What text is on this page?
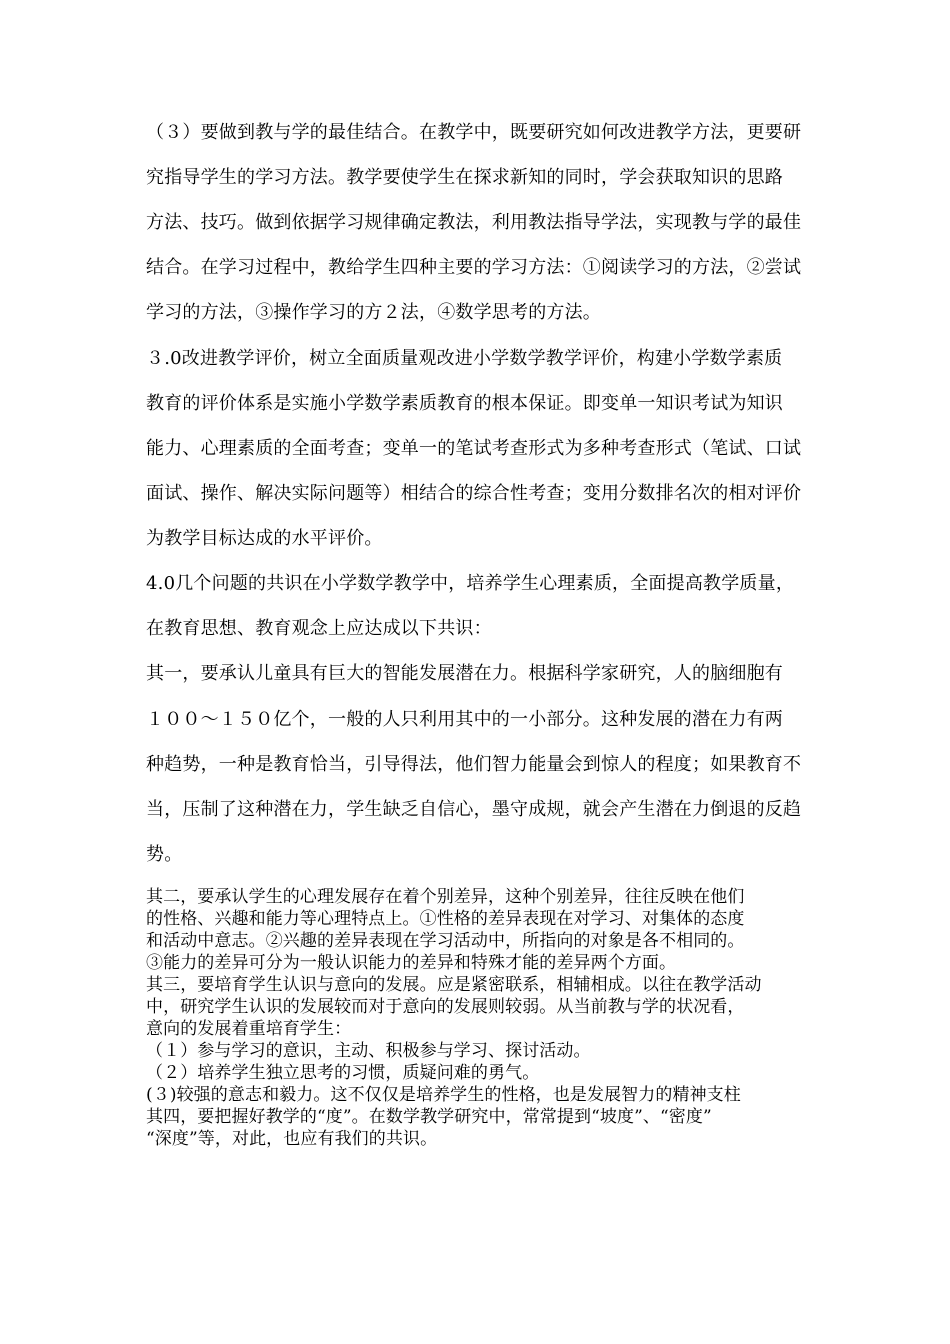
（３）要做到教与学的最佳结合。在教学中，既要研究如何改进教学方法，更要研
究指导学生的学习方法。教学要使学生在探求新知的同时，学会获取知识的思路
方法、技巧。做到依据学习规律确定教法，利用教法指导学法，实现教与学的最佳
结合。在学习过程中，教给学生四种主要的学习方法：①阅读学习的方法，②尝试
学习的方法，③操作学习的方２法，④数学思考的方法。
３.0改进教学评价，树立全面质量观改进小学数学教学评价，构建小学数学素质
教育的评价体系是实施小学数学素质教育的根本保证。即变单一知识考试为知识
能力、心理素质的全面考查；变单一的笔试考查形式为多种考查形式（笔试、口试
面试、操作、解决实际问题等）相结合的综合性考查；变用分数排名次的相对评价
为教学目标达成的水平评价。
4.0几个问题的共识在小学数学教学中，培养学生心理素质，全面提高教学质量，
在教育思想、教育观念上应达成以下共识：
其一，要承认儿童具有巨大的智能发展潜在力。根据科学家研究，人的脑细胞有
１００～１５０亿个，一般的人只利用其中的一小部分。这种发展的潜在力有两
种趋势，一种是教育恰当，引导得法，他们智力能量会到惊人的程度；如果教育不
当，压制了这种潜在力，学生缺乏自信心，墨守成规，就会产生潜在力倒退的反趋
势。
其二，要承认学生的心理发展存在着个别差异，这种个别差异，往往反映在他们
的性格、兴趣和能力等心理特点上。①性格的差异表现在对学习、对集体的态度
和活动中意志。②兴趣的差异表现在学习活动中，所指向的对象是各不相同的。
③能力的差异可分为一般认识能力的差异和特殊才能的差异两个方面。
其三，要培育学生认识与意向的发展。应是紧密联系，相辅相成。以往在教学活动
中，研究学生认识的发展较而对于意向的发展则较弱。从当前教与学的状况看，
意向的发展着重培育学生：
（１）参与学习的意识，主动、积极参与学习、探讨活动。
（２）培养学生独立思考的习惯，质疑问难的勇气。
(３)较强的意志和毅力。这不仅仅是培养学生的性格，也是发展智力的精神支柱
其四，要把握好教学的“度”。在数学教学研究中，常常提到“坡度”、“密度”
“深度”等，对此，也应有我们的共识。
